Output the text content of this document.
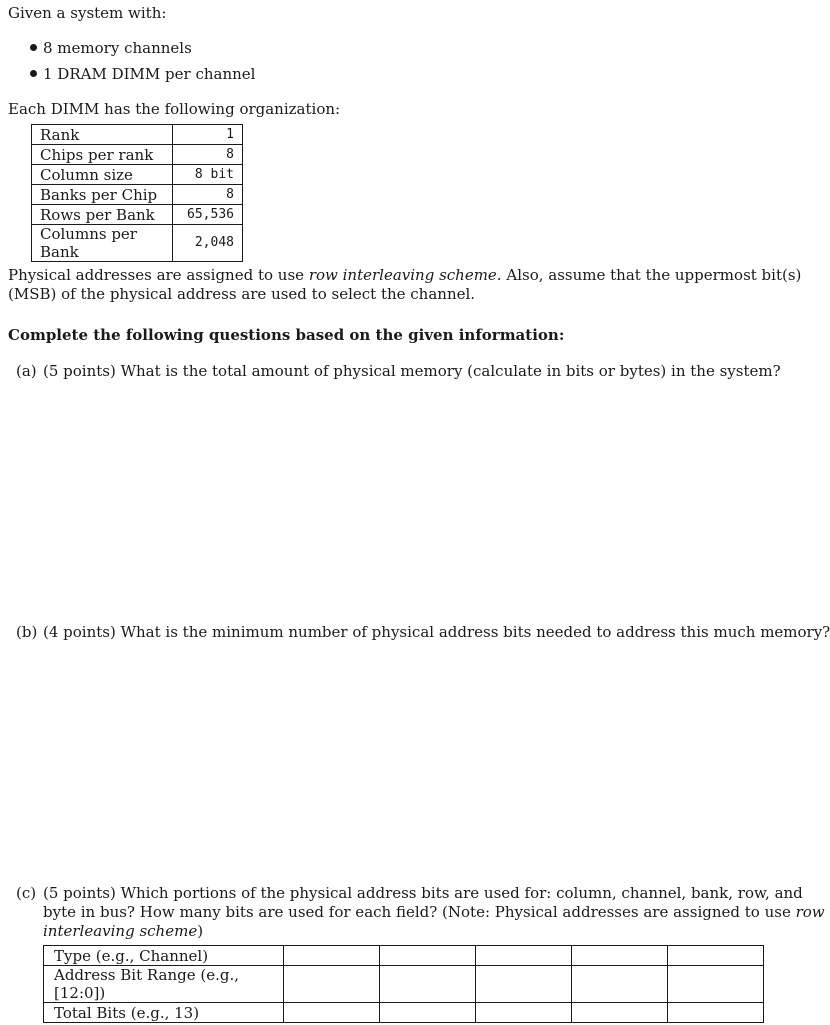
Given a system with:
8 memory channels
1 DRAM DIMM per channel
Each DIMM has the following organization:
Rank	1
Chips per rank	8
Column size	8 bit
Banks per Chip	8
Rows per Bank	65,536
Columns per Bank	2,048
Physical addresses are assigned to use row interleaving scheme. Also, assume that the uppermost bit(s)
(MSB) of the physical address are used to select the channel.
Complete the following questions based on the given information:
(a) (5 points) What is the total amount of physical memory (calculate in bits or bytes) in the system?
(b) (4 points) What is the minimum number of physical address bits needed to address this much memory?
(c) (5 points) Which portions of the physical address bits are used for: column, channel, bank, row, and
byte in bus? How many bits are used for each field? (Note: Physical addresses are assigned to use row
interleaving scheme)
Type (e.g., Channel)					
Address Bit Range (e.g., [12:0])					
Total Bits (e.g., 13)					
